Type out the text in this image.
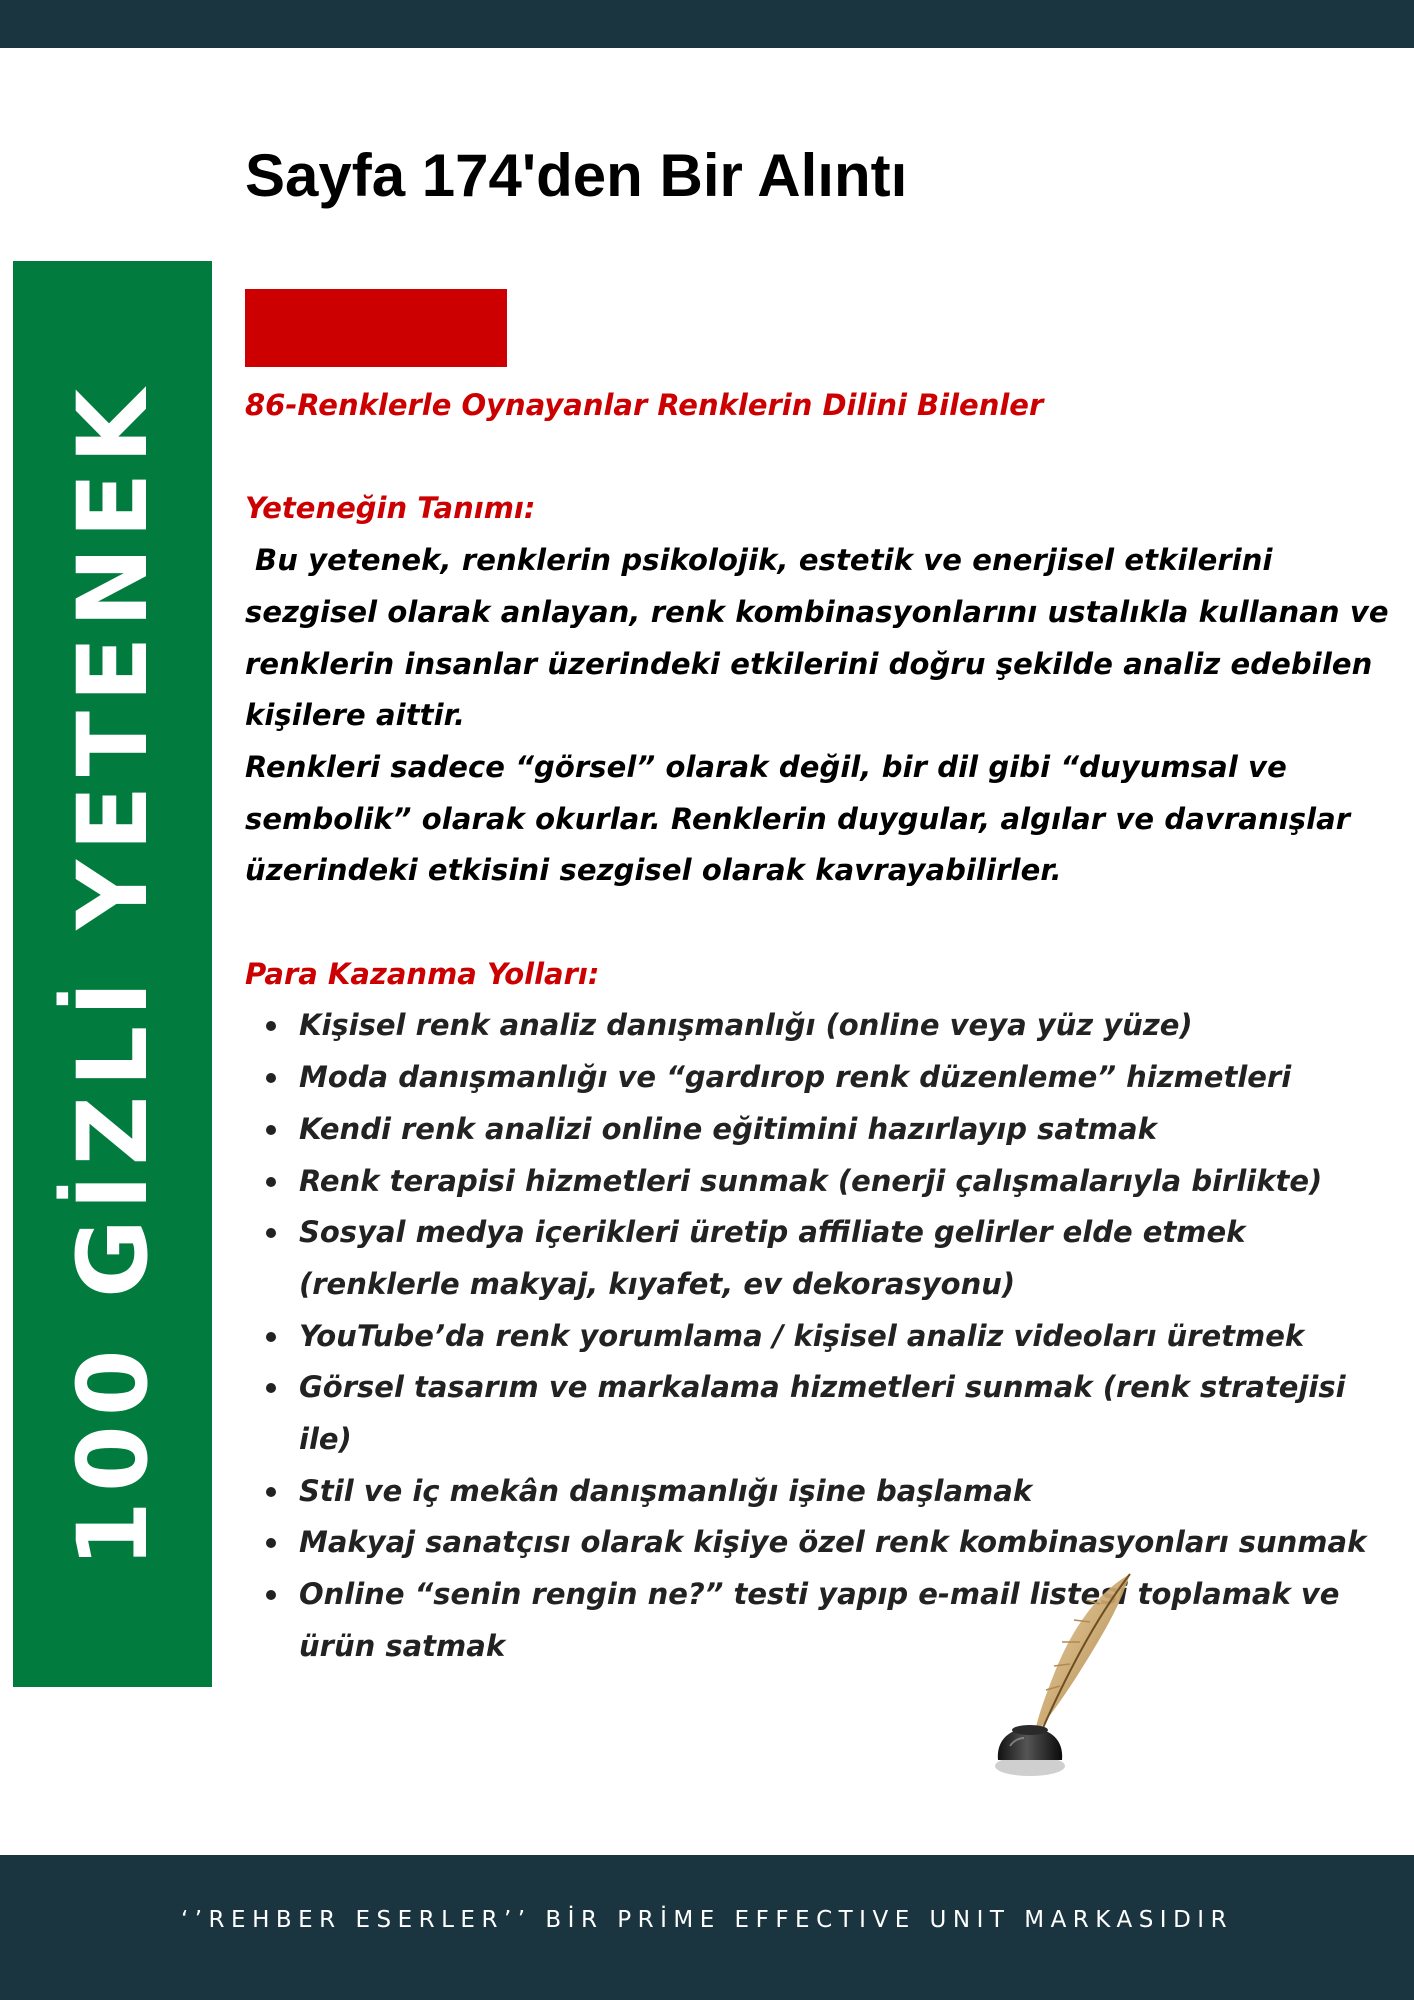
100 GİZLİ YETENEK
Sayfa 174'den Bir Alıntı

86-Renklerle Oynayanlar Renklerin Dilini Bilenler

Yeteneğin Tanımı:

Bu yetenek, renklerin psikolojik, estetik ve enerjisel etkilerini sezgisel olarak anlayan, renk kombinasyonlarını ustalıkla kullanan ve renklerin insanlar üzerindeki etkilerini doğru şekilde analiz edebilen kişilere aittir.

Renkleri sadece “görsel” olarak değil, bir dil gibi “duyumsal ve sembolik” olarak okurlar. Renklerin duygular, algılar ve davranışlar üzerindeki etkisini sezgisel olarak kavrayabilirler.

Para Kazanma Yolları:

Kişisel renk analiz danışmanlığı (online veya yüz yüze)
Moda danışmanlığı ve “gardırop renk düzenleme” hizmetleri
Kendi renk analizi online eğitimini hazırlayıp satmak
Renk terapisi hizmetleri sunmak (enerji çalışmalarıyla birlikte)
Sosyal medya içerikleri üretip affiliate gelirler elde etmek (renklerle makyaj, kıyafet, ev dekorasyonu)
YouTube’da renk yorumlama / kişisel analiz videoları üretmek
Görsel tasarım ve markalama hizmetleri sunmak (renk stratejisi ile)
Stil ve iç mekân danışmanlığı işine başlamak
Makyaj sanatçısı olarak kişiye özel renk kombinasyonları sunmak
Online “senin rengin ne?” testi yapıp e-mail listesi toplamak ve ürün satmak
‘’REHBER ESERLER’’ BİR PRİME EFFECTIVE UNIT MARKASIDIR
